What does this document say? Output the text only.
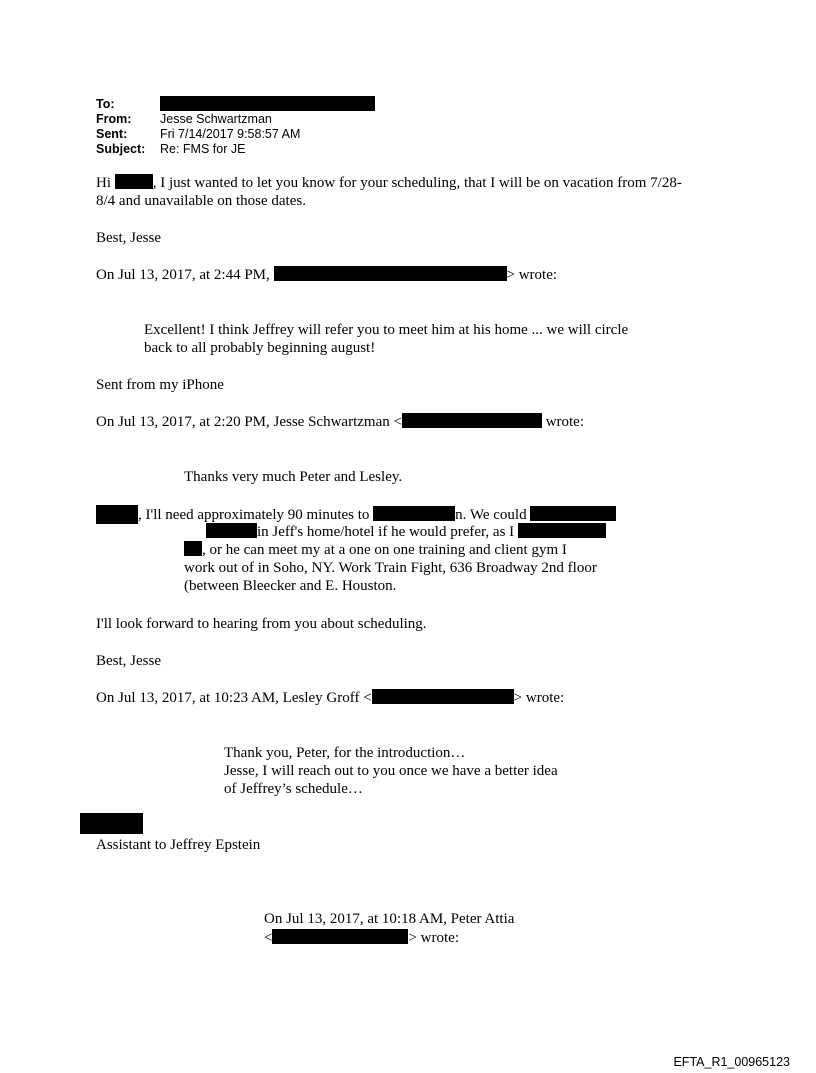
To:
From: Jesse Schwartzman
Sent:	Fri 7/14/2017 9:58:57 AM
Subject: Re: FMS for JE
Hi	, I just wanted to let you know for your scheduling, that I will be on vacation from 7/28-
8/4 and unavailable on those dates.
Best, Jesse
On Jul 13, 2017, at 2:44 PM,	> wrote:
Excellent! I think Jeffrey will refer you to meet him at his home ... we will circle
back to all probably beginning august!
Sent from my iPhone
On Jul 13, 2017, at 2:20 PM, Jesse Schwartzman <	wrote:
Thanks very much Peter and Lesley.
, I'll need approximately 90 minutes to	n. We could
in Jeff's home/hotel if he would prefer, as I
, or he can meet my at a one on one training and client gym I
work out of in Soho, NY. Work Train Fight, 636 Broadway 2nd floor
(between Bleecker and E. Houston.
I'll look forward to hearing from you about scheduling.
Best, Jesse
On Jul 13, 2017, at 10:23 AM, Lesley Groff <	> wrote:
Thank you, Peter, for the introduction…
Jesse, I will reach out to you once we have a better idea
of Jeffrey’s schedule…
Assistant to Jeffrey Epstein
On Jul 13, 2017, at 10:18 AM, Peter Attia
<	> wrote:
EFTA_R1_00965123
